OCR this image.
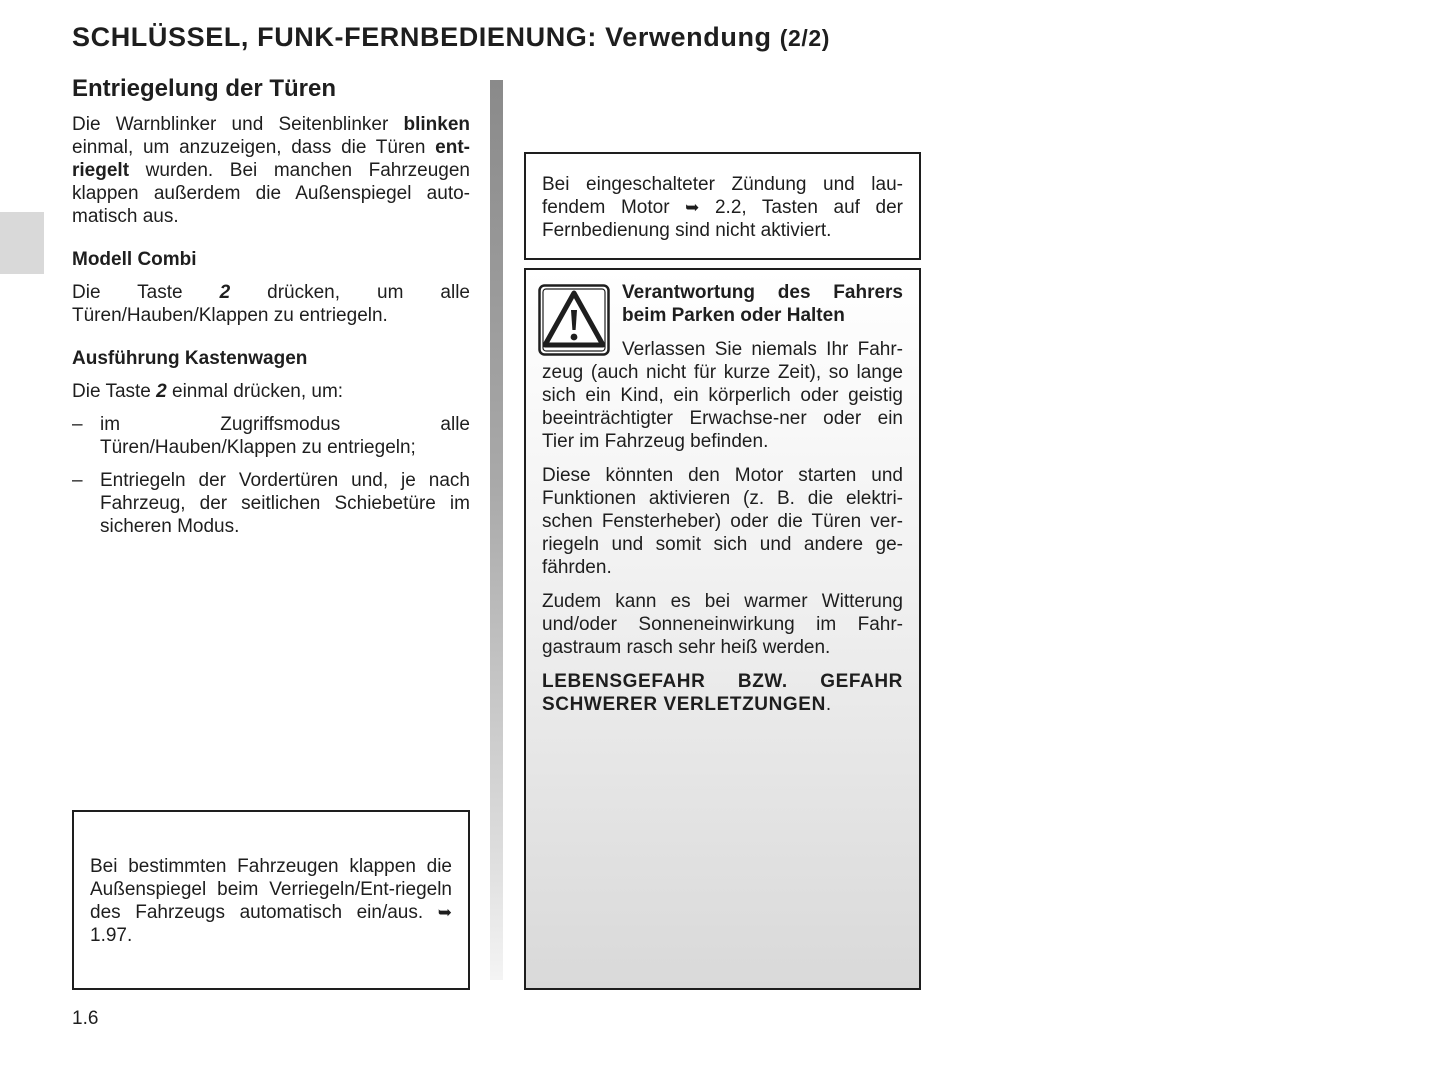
SCHLÜSSEL, FUNK-FERNBEDIENUNG: Verwendung (2/2)
Entriegelung der Türen

Die Warnblinker und Seitenblinker blinken einmal, um anzuzeigen, dass die Türen ent-riegelt wurden. Bei manchen Fahrzeugen klappen außerdem die Außenspiegel auto-matisch aus.

Modell Combi

Die Taste 2 drücken, um alle Türen/Hauben/Klappen zu entriegeln.

Ausführung Kastenwagen

Die Taste 2 einmal drücken, um:

– im Zugriffsmodus alle Türen/Hauben/Klappen zu entriegeln;
– Entriegeln der Vordertüren und, je nach Fahrzeug, der seitlichen Schiebetüre im sicheren Modus.

Bei bestimmten Fahrzeugen klappen die Außenspiegel beim Verriegeln/Ent-riegeln des Fahrzeugs automatisch ein/aus. ➥ 1.97.

Bei eingeschalteter Zündung und lau-fendem Motor ➥ 2.2, Tasten auf der Fernbedienung sind nicht aktiviert.

Verantwortung des Fahrers beim Parken oder Halten

Verlassen Sie niemals Ihr Fahr-zeug (auch nicht für kurze Zeit), so lange sich ein Kind, ein körperlich oder geistig beeinträchtigter Erwachse-ner oder ein Tier im Fahrzeug befinden.

Diese könnten den Motor starten und Funktionen aktivieren (z. B. die elektri-schen Fensterheber) oder die Türen ver-riegeln und somit sich und andere ge-fährden.

Zudem kann es bei warmer Witterung und/oder Sonneneinwirkung im Fahr-gastraum rasch sehr heiß werden.

LEBENSGEFAHR BZW. GEFAHR SCHWERER VERLETZUNGEN.

1.6
